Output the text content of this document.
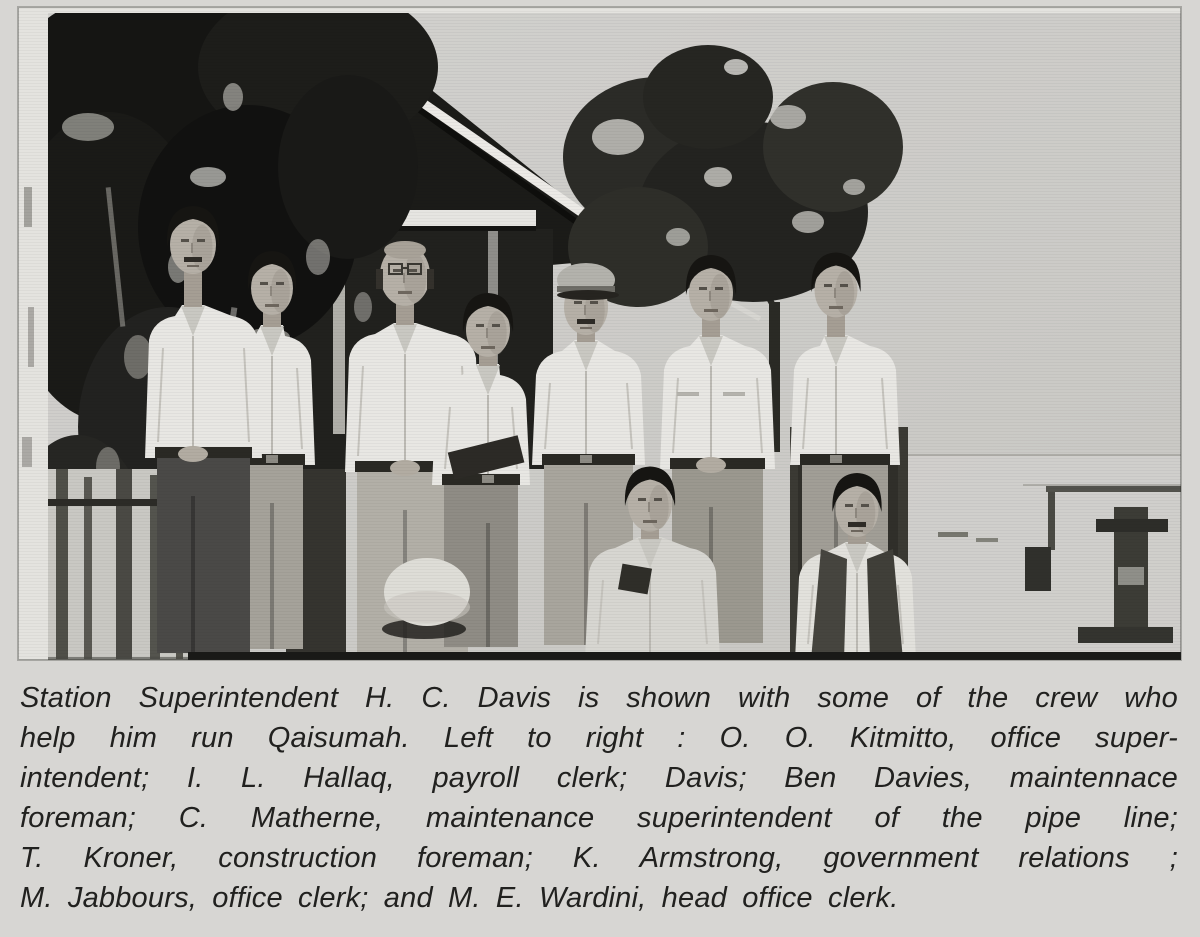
Station Superintendent H. C. Davis is shown with some of the crew who
help him run Qaisumah. Left to right : O. O. Kitmitto, office super-
intendent; I. L. Hallaq, payroll clerk; Davis; Ben Davies, maintennace
foreman; C. Matherne, maintenance superintendent of the pipe line;
T. Kroner, construction foreman; K. Armstrong, government relations ;
M. Jabbours, office clerk; and M. E. Wardini, head office clerk.
